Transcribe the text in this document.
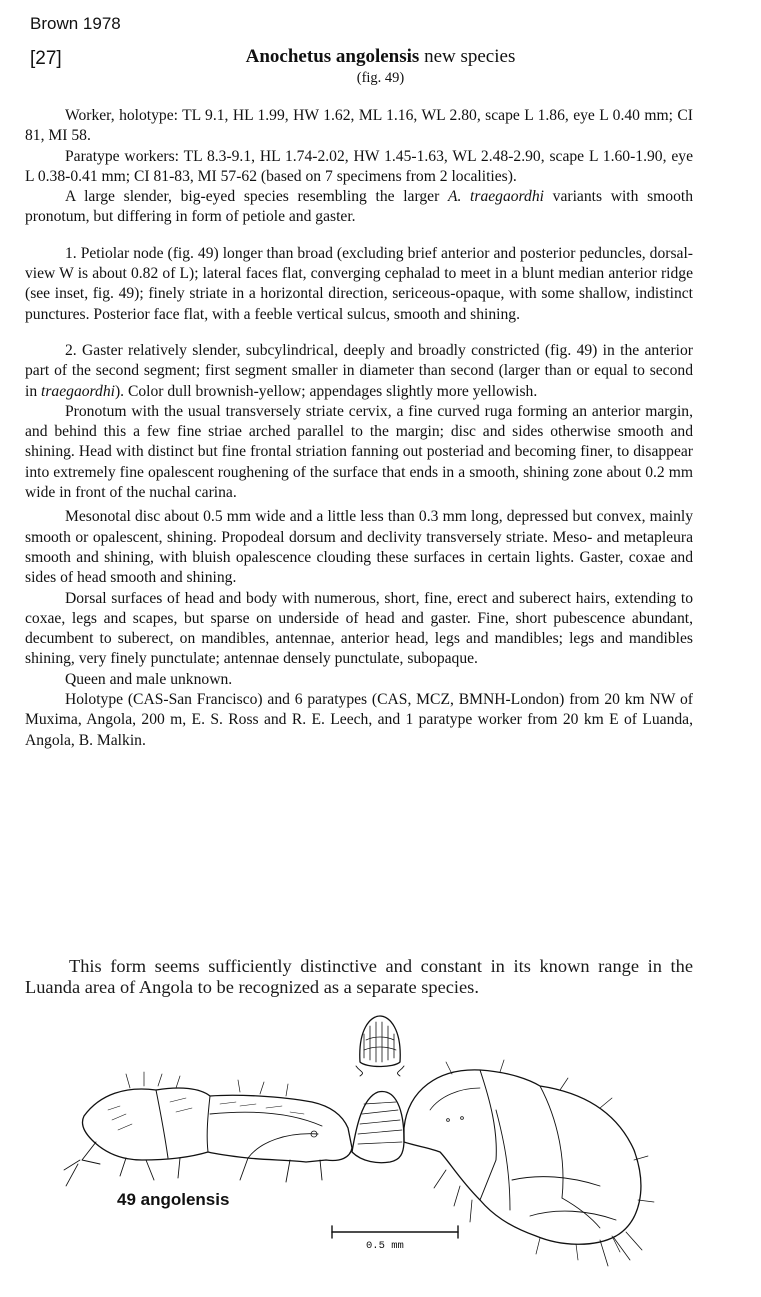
Brown 1978
[27]	Anochetus angolensis new species
(fig. 49)

Worker, holotype: TL 9.1, HL 1.99, HW 1.62, ML 1.16, WL 2.80, scape L 1.86, eye L 0.40 mm; CI 81, MI 58.

Paratype workers: TL 8.3-9.1, HL 1.74-2.02, HW 1.45-1.63, WL 2.48-2.90, scape L 1.60-1.90, eye L 0.38-0.41 mm; CI 81-83, MI 57-62 (based on 7 specimens from 2 localities).

A large slender, big-eyed species resembling the larger A. traegaordhi variants with smooth pronotum, but differing in form of petiole and gaster.

1. Petiolar node (fig. 49) longer than broad (excluding brief anterior and posterior peduncles, dorsal-view W is about 0.82 of L); lateral faces flat, converging cephalad to meet in a blunt median anterior ridge (see inset, fig. 49); finely striate in a horizontal direction, sericeous-opaque, with some shallow, indistinct punctures. Posterior face flat, with a feeble vertical sulcus, smooth and shining.

2. Gaster relatively slender, subcylindrical, deeply and broadly constricted (fig. 49) in the anterior part of the second segment; first segment smaller in diameter than second (larger than or equal to second in traegaordhi). Color dull brownish-yellow; appendages slightly more yellowish.

Pronotum with the usual transversely striate cervix, a fine curved ruga forming an anterior margin, and behind this a few fine striae arched parallel to the margin; disc and sides otherwise smooth and shining. Head with distinct but fine frontal striation fanning out posteriad and becoming finer, to disappear into extremely fine opalescent roughening of the surface that ends in a smooth, shining zone about 0.2 mm wide in front of the nuchal carina.

Mesonotal disc about 0.5 mm wide and a little less than 0.3 mm long, depressed but convex, mainly smooth or opalescent, shining. Propodeal dorsum and declivity transversely striate. Meso- and metapleura smooth and shining, with bluish opalescence clouding these surfaces in certain lights. Gaster, coxae and sides of head smooth and shining.

Dorsal surfaces of head and body with numerous, short, fine, erect and suberect hairs, extending to coxae, legs and scapes, but sparse on underside of head and gaster. Fine, short pubescence abundant, decumbent to suberect, on mandibles, antennae, anterior head, legs and mandibles; legs and mandibles shining, very finely punctulate; antennae densely punctulate, subopaque.

Queen and male unknown.

Holotype (CAS-San Francisco) and 6 paratypes (CAS, MCZ, BMNH-London) from 20 km NW of Muxima, Angola, 200 m, E. S. Ross and R. E. Leech, and 1 paratype worker from 20 km E of Luanda, Angola, B. Malkin.

This form seems sufficiently distinctive and constant in its known range in the Luanda area of Angola to be recognized as a separate species.
49 angolensis
0.5 mm
